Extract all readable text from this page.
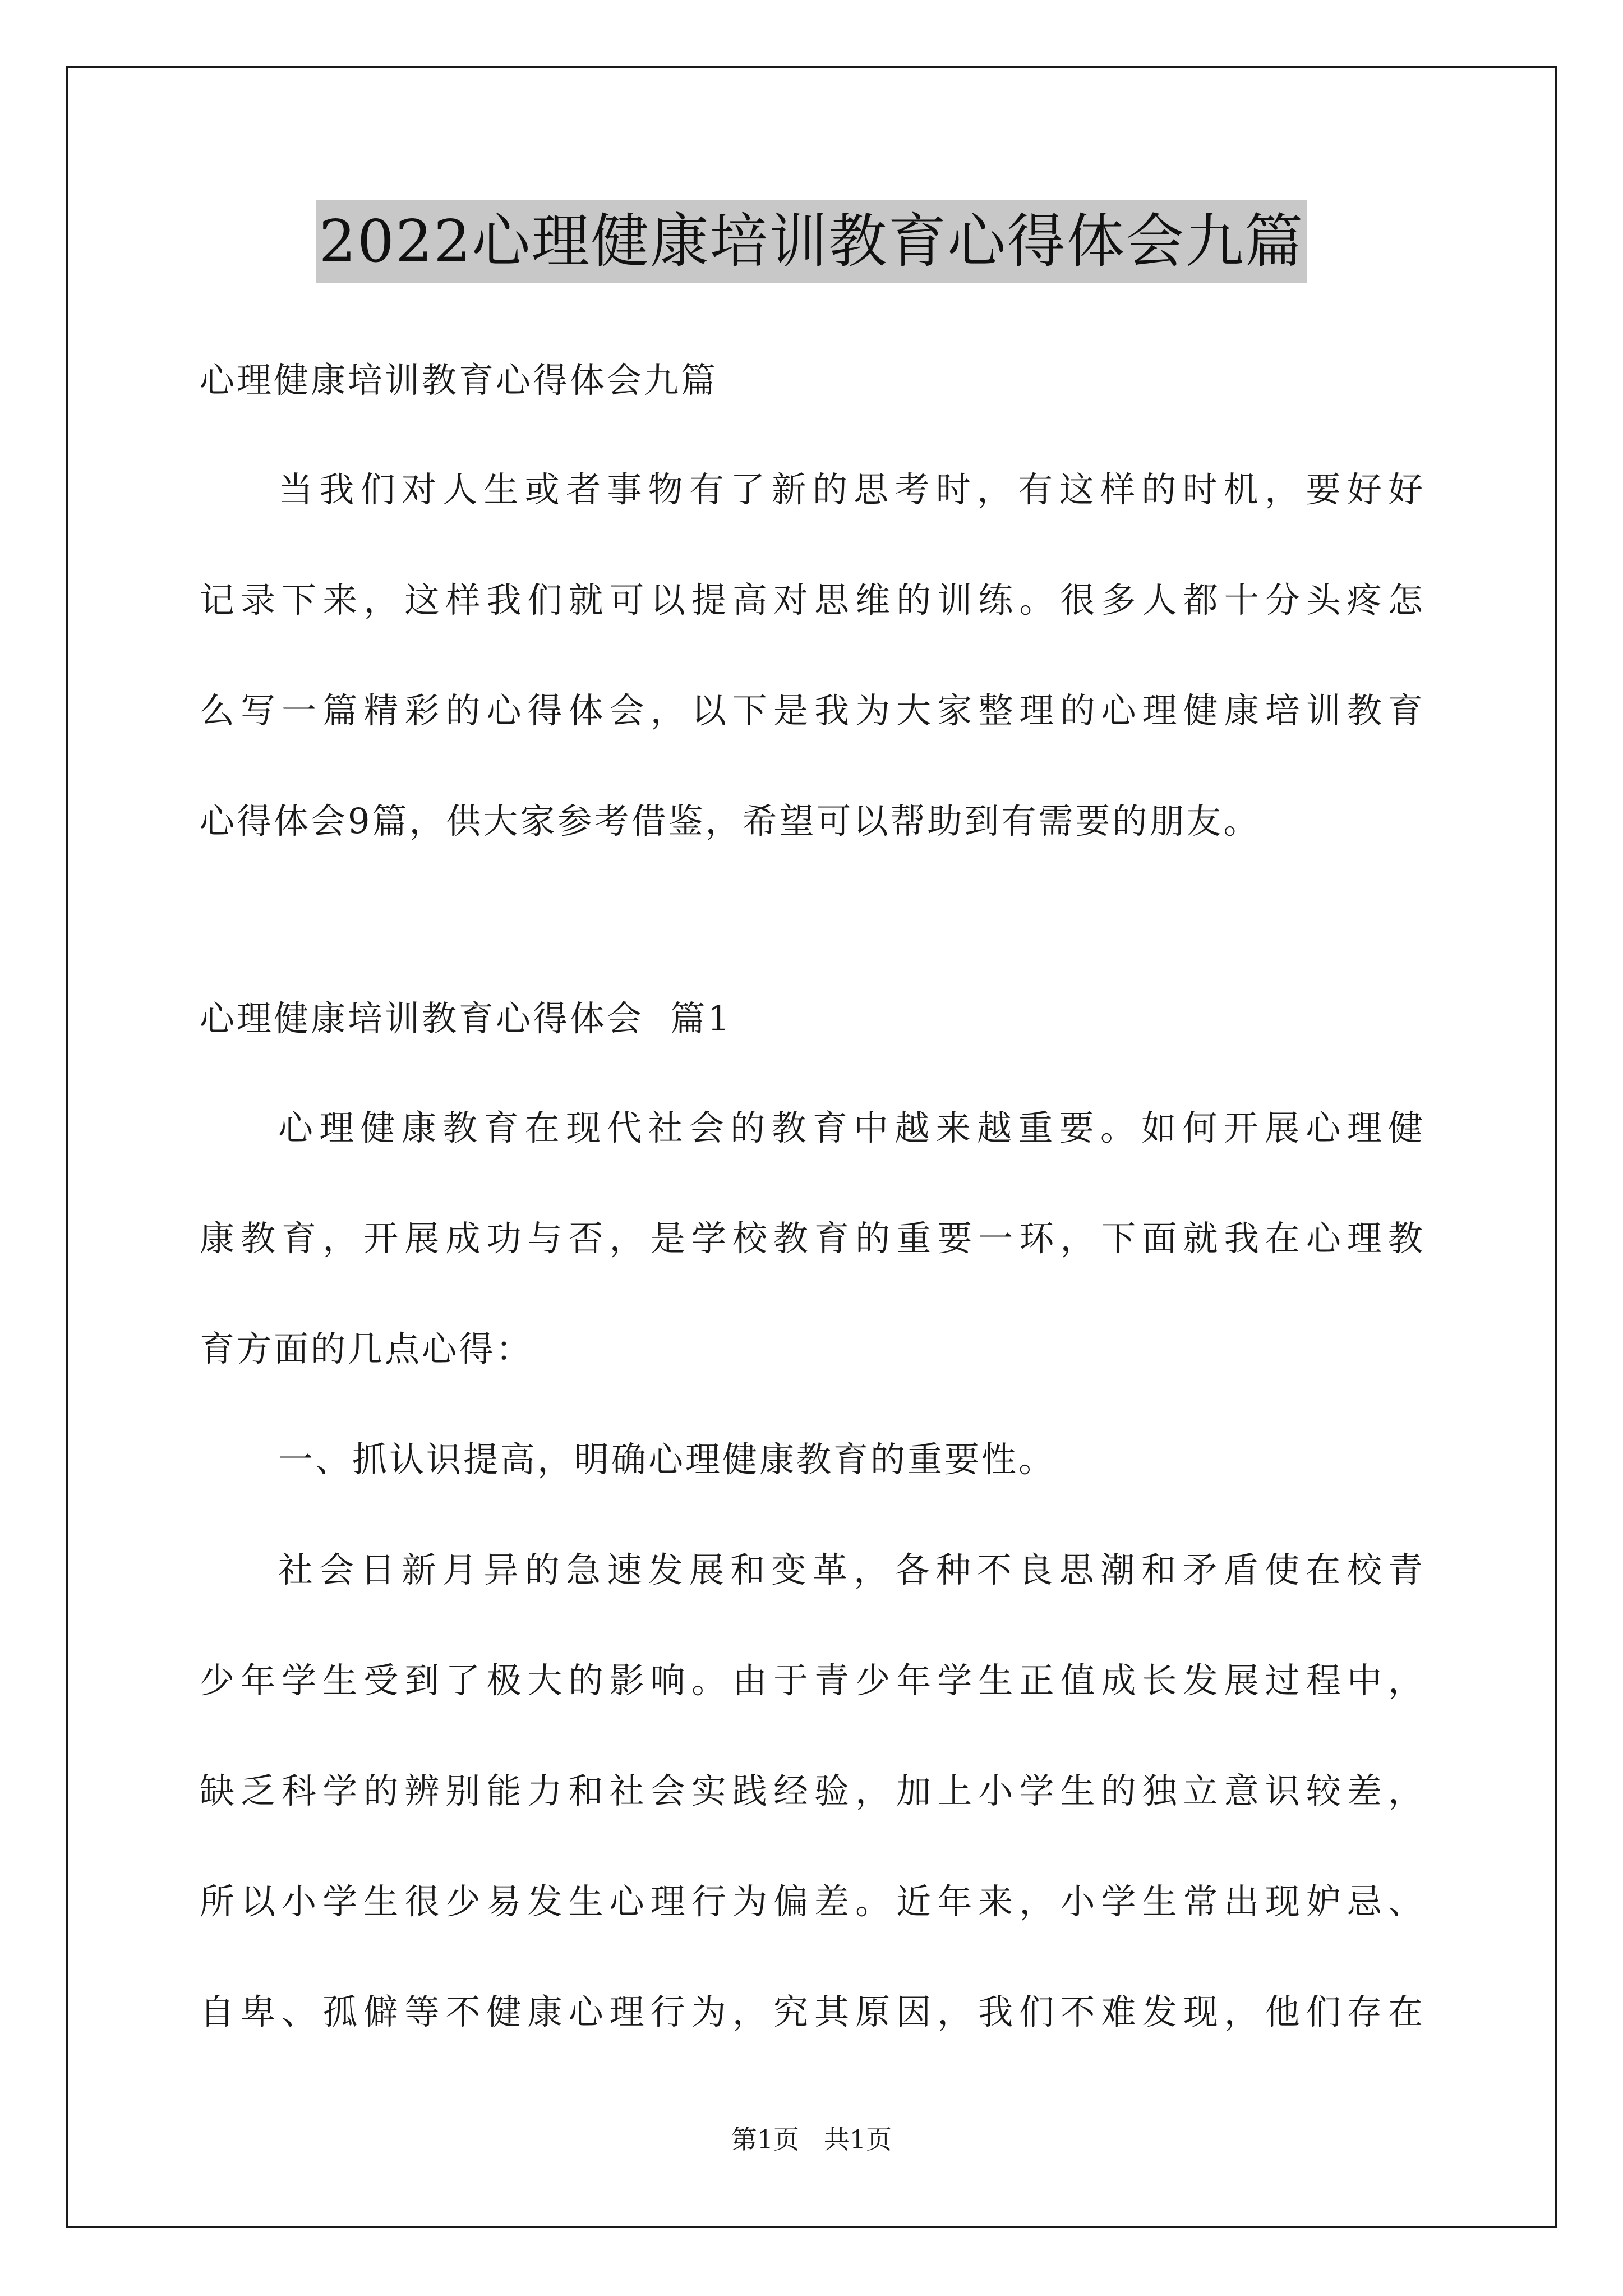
2022心理健康培训教育心得体会九篇
心理健康培训教育心得体会九篇
当我们对人生或者事物有了新的思考时，有这样的时机，要好好
记录下来，这样我们就可以提高对思维的训练。很多人都十分头疼怎
么写一篇精彩的心得体会，以下是我为大家整理的心理健康培训教育
心得体会9篇，供大家参考借鉴，希望可以帮助到有需要的朋友。
心理健康培训教育心得体会  篇1
心理健康教育在现代社会的教育中越来越重要。如何开展心理健
康教育，开展成功与否，是学校教育的重要一环，下面就我在心理教
育方面的几点心得：
一、抓认识提高，明确心理健康教育的重要性。
社会日新月异的急速发展和变革，各种不良思潮和矛盾使在校青
少年学生受到了极大的影响。由于青少年学生正值成长发展过程中，
缺乏科学的辨别能力和社会实践经验，加上小学生的独立意识较差，
所以小学生很少易发生心理行为偏差。近年来，小学生常出现妒忌、
自卑、孤僻等不健康心理行为，究其原因，我们不难发现，他们存在
第1页   共1页
